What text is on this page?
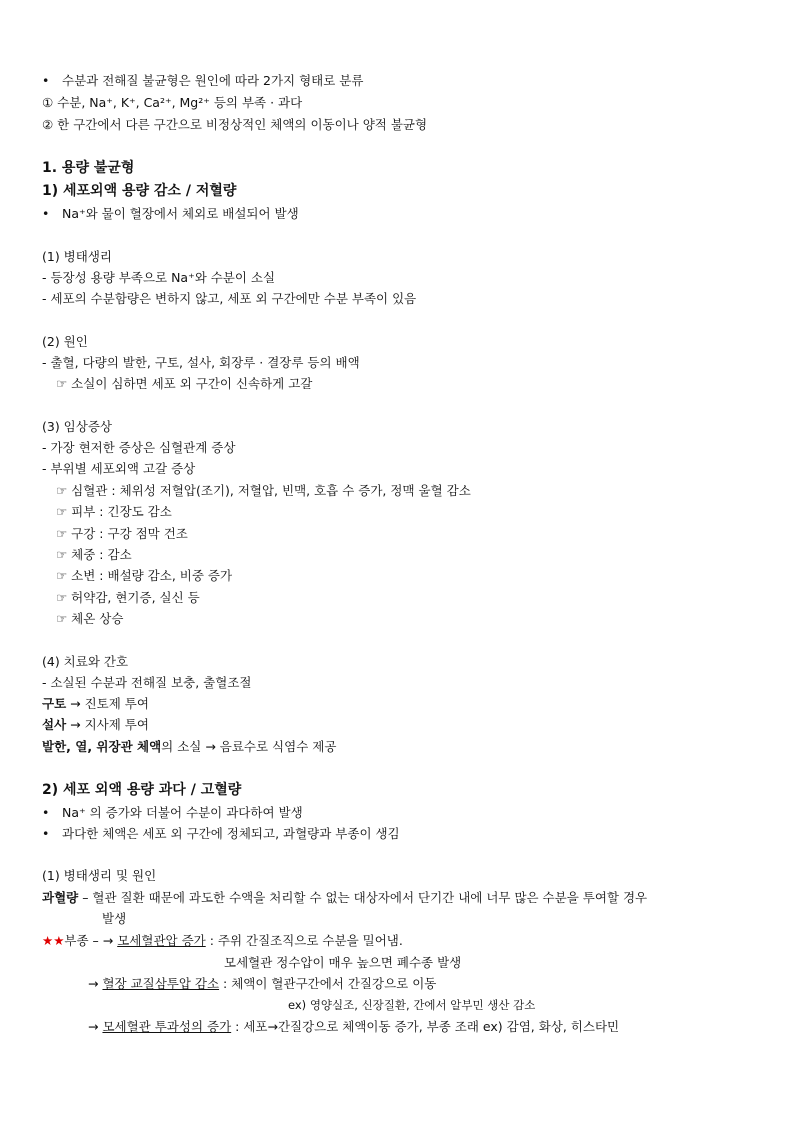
• 수분과 전해질 불균형은 원인에 따라 2가지 형태로 분류
① 수분, Na⁺, K⁺, Ca²⁺, Mg²⁺ 등의 부족 · 과다
② 한 구간에서 다른 구간으로 비정상적인 체액의 이동이나 양적 불균형
1. 용량 불균형
1) 세포외액 용량 감소 / 저혈량
• Na⁺와 물이 혈장에서 체외로 배설되어 발생
(1) 병태생리
- 등장성 용량 부족으로 Na⁺와 수분이 소실
- 세포의 수분함량은 변하지 않고, 세포 외 구간에만 수분 부족이 있음
(2) 원인
- 출혈, 다량의 발한, 구토, 설사, 회장루 · 결장루 등의 배액
☞ 소실이 심하면 세포 외 구간이 신속하게 고갈
(3) 임상증상
- 가장 현저한 증상은 심혈관계 증상
- 부위별 세포외액 고갈 증상
☞ 심혈관 : 체위성 저혈압(조기), 저혈압, 빈맥, 호흡 수 증가, 정맥 울혈 감소
☞ 피부 : 긴장도 감소
☞ 구강 : 구강 점막 건조
☞ 체중 : 감소
☞ 소변 : 배설량 감소, 비중 증가
☞ 허약감, 현기증, 실신 등
☞ 체온 상승
(4) 치료와 간호
- 소실된 수분과 전해질 보충, 출혈조절
구토 → 진토제 투여
설사 → 지사제 투여
발한, 열, 위장관 체액의 소실 → 음료수로 식염수 제공
2) 세포 외액 용량 과다 / 고혈량
• Na⁺ 의 증가와 더불어 수분이 과다하여 발생
• 과다한 체액은 세포 외 구간에 정체되고, 과혈량과 부종이 생김
(1) 병태생리 및 원인
과혈량 – 혈관 질환 때문에 과도한 수액을 처리할 수 없는 대상자에서 단기간 내에 너무 많은 수분을 투여할 경우
발생
★★부종 – → 모세혈관압 증가 : 주위 간질조직으로 수분을 밀어냄.
모세혈관 정수압이 매우 높으면 폐수종 발생
→ 혈장 교질삼투압 감소 : 체액이 혈관구간에서 간질강으로 이동
ex) 영양실조, 신장질환, 간에서 알부민 생산 감소
→ 모세혈관 투과성의 증가 : 세포→간질강으로 체액이동 증가, 부종 조래 ex) 감염, 화상, 히스타민
